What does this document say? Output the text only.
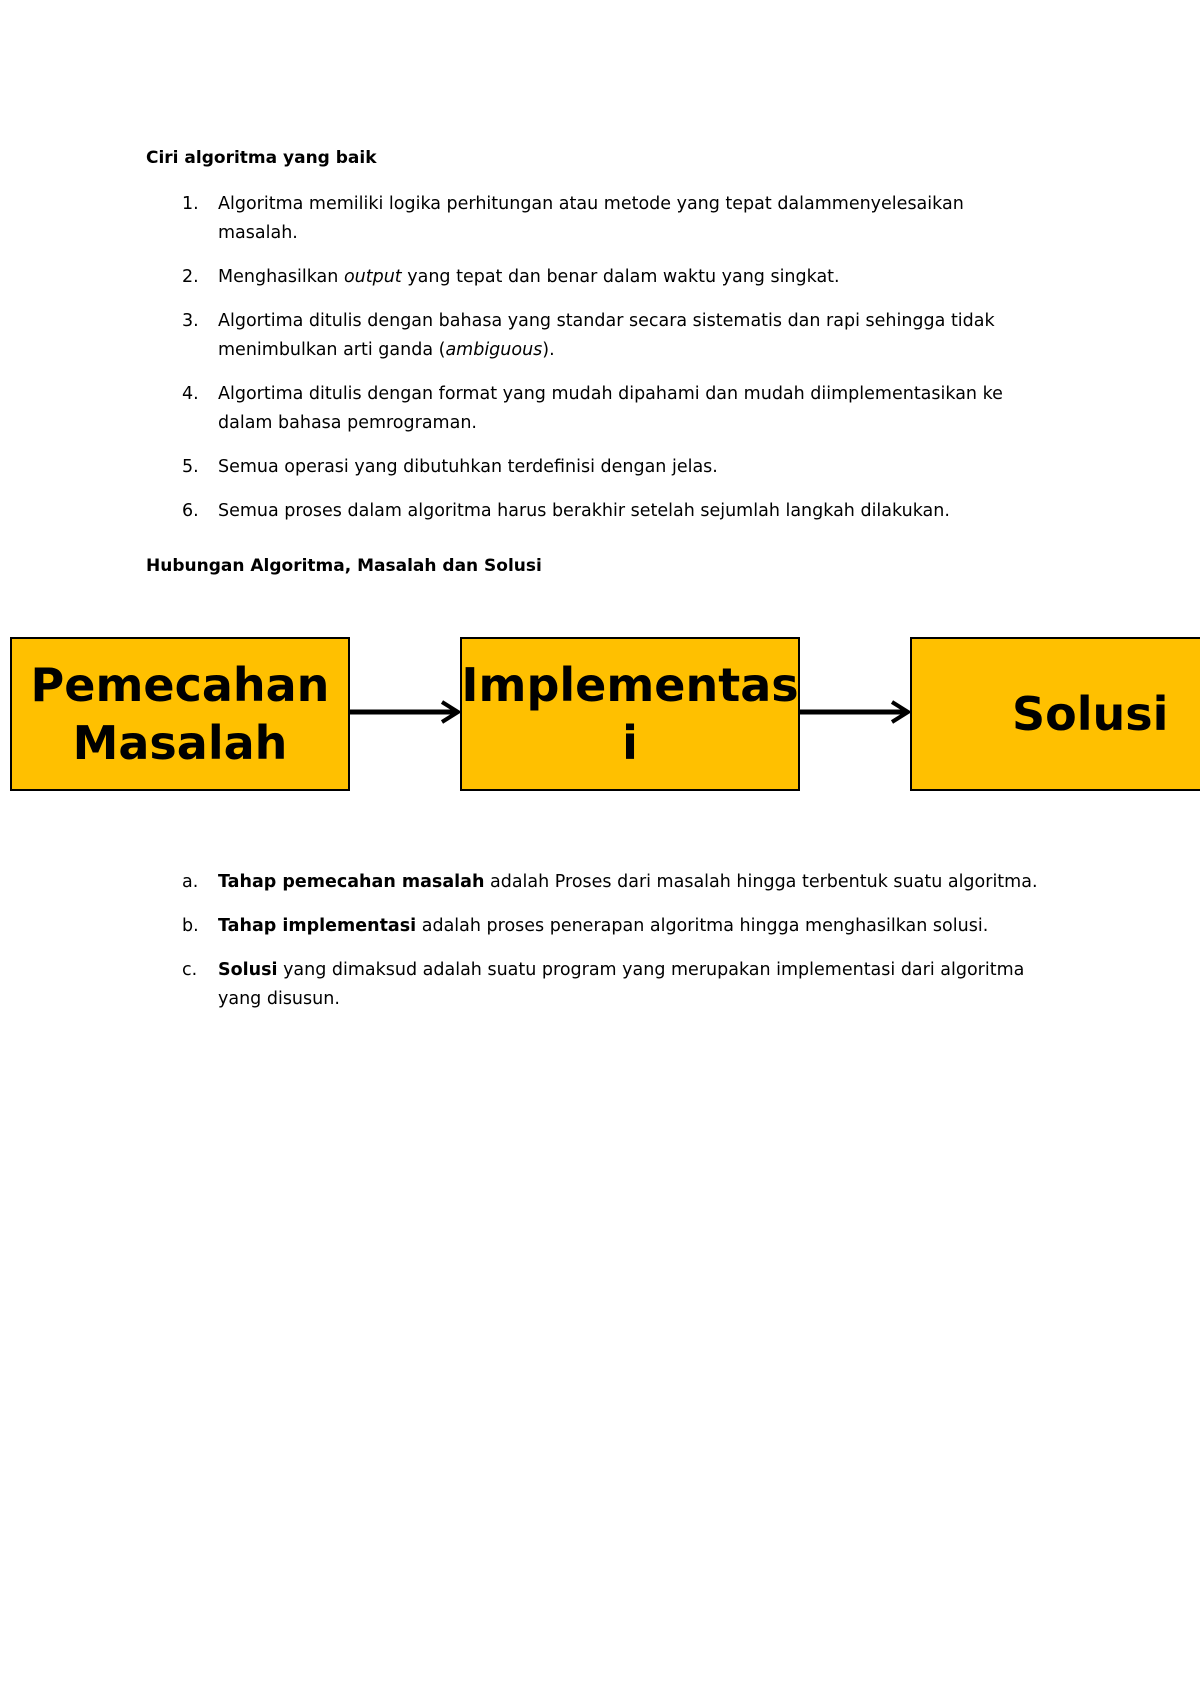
Ciri algoritma yang baik
1. Algoritma memiliki logika perhitungan atau metode yang tepat dalammenyelesaikan masalah.
2. Menghasilkan output yang tepat dan benar dalam waktu yang singkat.
3. Algortima ditulis dengan bahasa yang standar secara sistematis dan rapi sehingga tidak menimbulkan arti ganda (ambiguous).
4. Algortima ditulis dengan format yang mudah dipahami dan mudah diimplementasikan ke dalam bahasa pemrograman.
5. Semua operasi yang dibutuhkan terdefinisi dengan jelas.
6. Semua proses dalam algoritma harus berakhir setelah sejumlah langkah dilakukan.
Hubungan Algoritma, Masalah dan Solusi
Pemecahan
Masalah
Implementas
i
Solusi
a. Tahap pemecahan masalah adalah Proses dari masalah hingga terbentuk suatu algoritma.
b. Tahap implementasi adalah proses penerapan algoritma hingga menghasilkan solusi.
c. Solusi yang dimaksud adalah suatu program yang merupakan implementasi dari algoritma yang disusun.
